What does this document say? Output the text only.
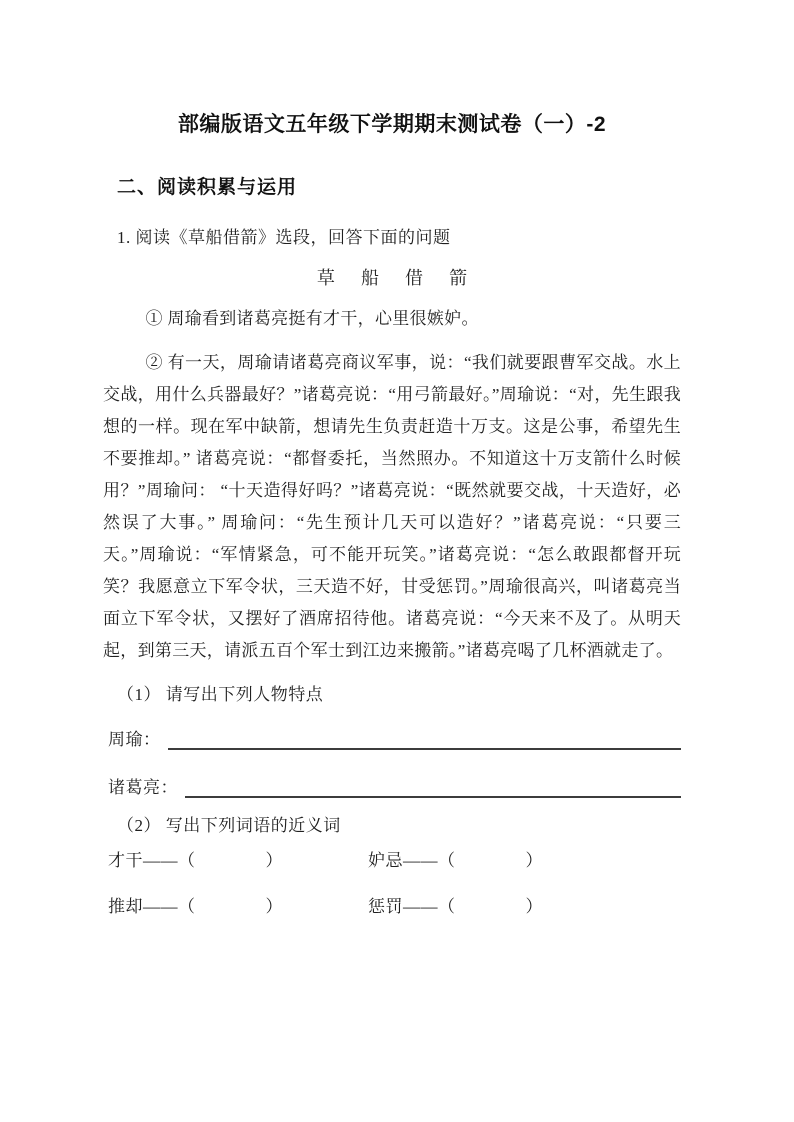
部编版语文五年级下学期期末测试卷（一）-2
二、阅读积累与运用

1. 阅读《草船借箭》选段，回答下面的问题

草 船 借 箭

① 周瑜看到诸葛亮挺有才干，心里很嫉妒。

② 有一天，周瑜请诸葛亮商议军事，说：“我们就要跟曹军交战。水上交战，用什么兵器最好？”诸葛亮说：“用弓箭最好。”周瑜说：“对，先生跟我想的一样。现在军中缺箭，想请先生负责赶造十万支。这是公事，希望先生不要推却。” 诸葛亮说：“都督委托，当然照办。不知道这十万支箭什么时候用？”周瑜问： “十天造得好吗？”诸葛亮说：“既然就要交战，十天造好，必然误了大事。” 周瑜问：“先生预计几天可以造好？”诸葛亮说：“只要三天。”周瑜说：“军情紧急，可不能开玩笑。”诸葛亮说：“怎么敢跟都督开玩笑？我愿意立下军令状，三天造不好，甘受惩罚。”周瑜很高兴，叫诸葛亮当面立下军令状，又摆好了酒席招待他。诸葛亮说：“今天来不及了。从明天起，到第三天，请派五百个军士到江边来搬箭。”诸葛亮喝了几杯酒就走了。

（1） 请写出下列人物特点

周瑜：
诸葛亮：

（2） 写出下列词语的近义词

才干——（　　　　）	妒忌——（　　　　）
推却——（　　　　）	惩罚——（　　　　）
